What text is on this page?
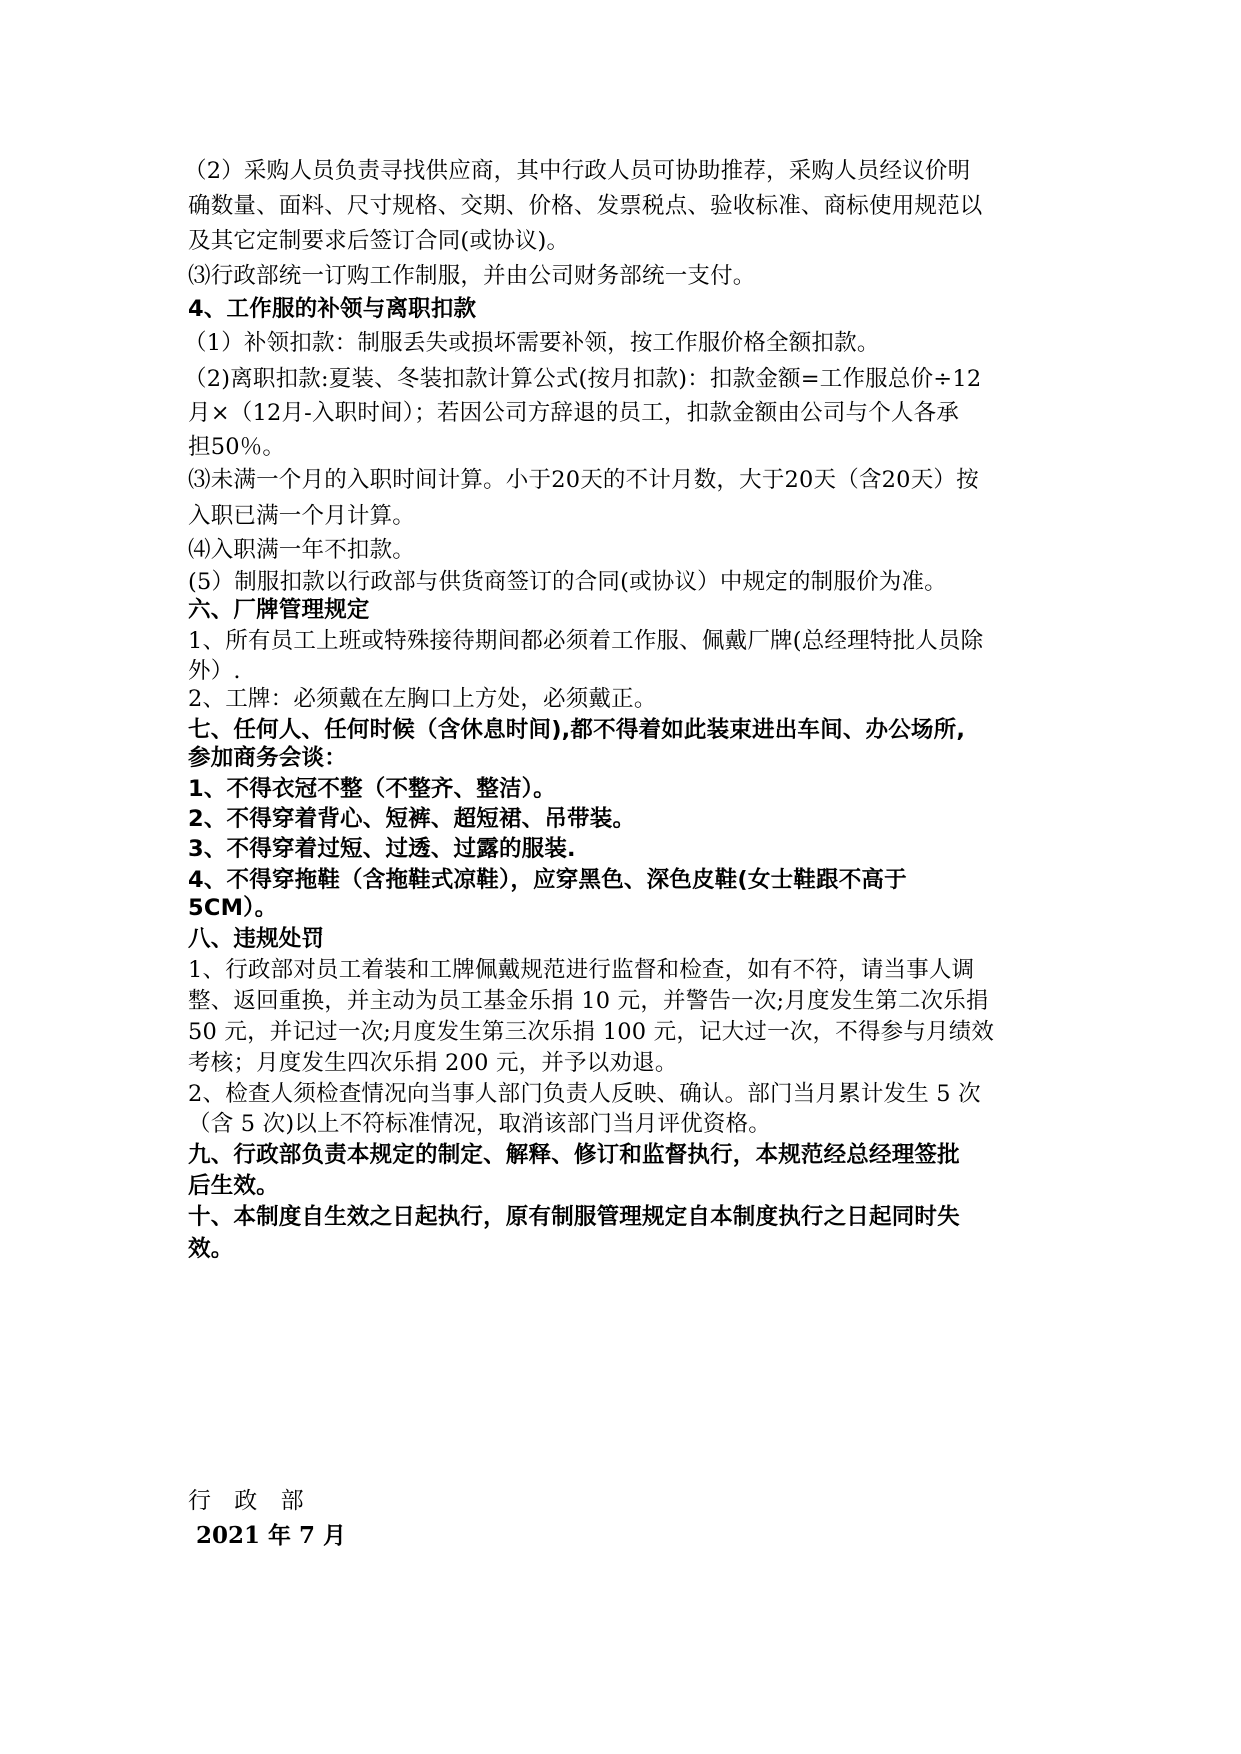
（2）采购人员负责寻找供应商，其中行政人员可协助推荐，采购人员经议价明
确数量、面料、尺寸规格、交期、价格、发票税点、验收标准、商标使用规范以
及其它定制要求后签订合同(或协议)。
⑶行政部统一订购工作制服，并由公司财务部统一支付。
4、工作服的补领与离职扣款
（1）补领扣款：制服丢失或损坏需要补领，按工作服价格全额扣款。
（2)离职扣款:夏装、冬装扣款计算公式(按月扣款)：扣款金额=工作服总价÷12
月×（12月-入职时间）；若因公司方辞退的员工，扣款金额由公司与个人各承
担50％。
⑶未满一个月的入职时间计算。小于20天的不计月数，大于20天（含20天）按
入职已满一个月计算。
⑷入职满一年不扣款。
(5）制服扣款以行政部与供货商签订的合同(或协议）中规定的制服价为准。
六、厂牌管理规定
1、所有员工上班或特殊接待期间都必须着工作服、佩戴厂牌(总经理特批人员除
外）.
2、工牌：必须戴在左胸口上方处，必须戴正。
七、任何人、任何时候（含休息时间),都不得着如此装束进出车间、办公场所,
参加商务会谈：
1、不得衣冠不整（不整齐、整洁）。
2、不得穿着背心、短裤、超短裙、吊带装。
3、不得穿着过短、过透、过露的服装.
4、不得穿拖鞋（含拖鞋式凉鞋），应穿黑色、深色皮鞋(女士鞋跟不高于
5CM）。
八、违规处罚
1、行政部对员工着装和工牌佩戴规范进行监督和检查，如有不符，请当事人调
整、返回重换，并主动为员工基金乐捐 10 元，并警告一次;月度发生第二次乐捐
50 元，并记过一次;月度发生第三次乐捐 100 元，记大过一次，不得参与月绩效
考核；月度发生四次乐捐 200 元，并予以劝退。
2、检查人须检查情况向当事人部门负责人反映、确认。部门当月累计发生 5 次
（含 5 次)以上不符标准情况，取消该部门当月评优资格。
九、行政部负责本规定的制定、解释、修订和监督执行，本规范经总经理签批
后生效。
十、本制度自生效之日起执行，原有制服管理规定自本制度执行之日起同时失
效。
行 政 部
2021 年 7 月
